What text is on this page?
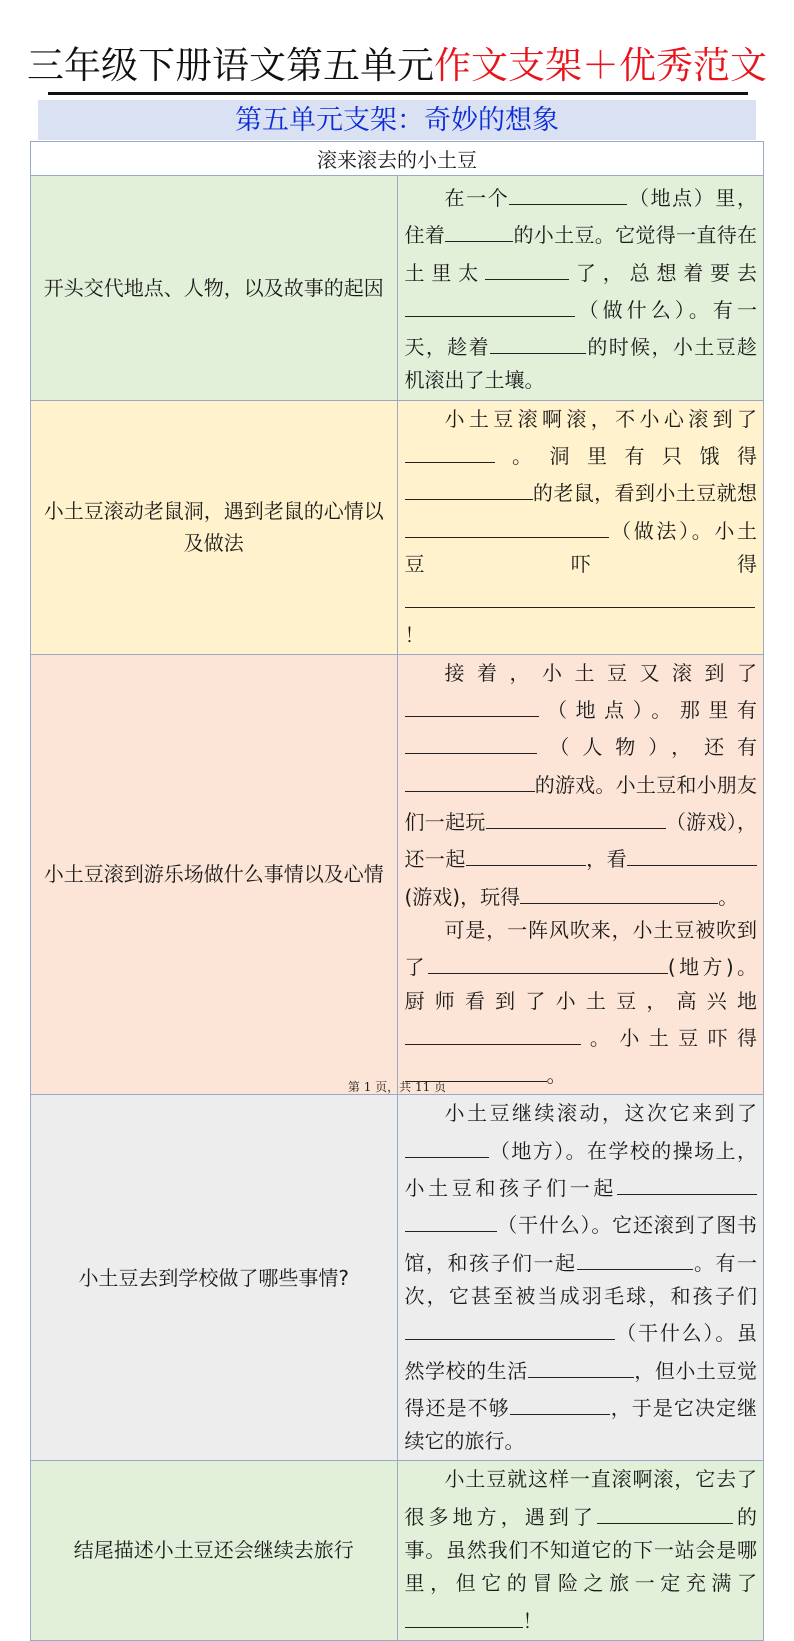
三年级下册语文第五单元作文支架＋优秀范文
第五单元支架：奇妙的想象
滚来滚去的小土豆	
开头交代地点、人物，以及故事的起因	在一个 （地点）里，住着 的小土豆。它觉得一直待在土里太 了，总想着要去（做什么）。有一天，趁着 的时候，小土豆趁机滚出了土壤。

小土豆滚动老鼠洞，遇到老鼠的心情以及做法	小土豆滚啊滚，不小心滚到了。洞里有只饿得的老鼠，看到小土豆就想（做法）。小土豆吓得！

小土豆滚到游乐场做什么事情以及心情	接着，小土豆又滚到了（地点）。那里有（人物），还有的游戏。小土豆和小朋友们一起玩 （游戏），还一起 ，看(游戏)，玩得 。

可是，一阵风吹来，小土豆被吹到了 (地方)。厨师看到了小土豆，高兴地。小土豆吓得。

小土豆去到学校做了哪些事情?	小土豆继续滚动，这次它来到了（地方）。在学校的操场上，小土豆和孩子们一起（干什么）。它还滚到了图书馆，和孩子们一起 。有一次，它甚至被当成羽毛球，和孩子们（干什么）。虽然学校的生活 ，但小土豆觉得还是不够 ，于是它决定继续它的旅行。

结尾描述小土豆还会继续去旅行	小土豆就这样一直滚啊滚，它去了很多地方，遇到了 的事。虽然我们不知道它的下一站会是哪里，但它的冒险之旅一定充满了！

第 1 页，共 11 页
